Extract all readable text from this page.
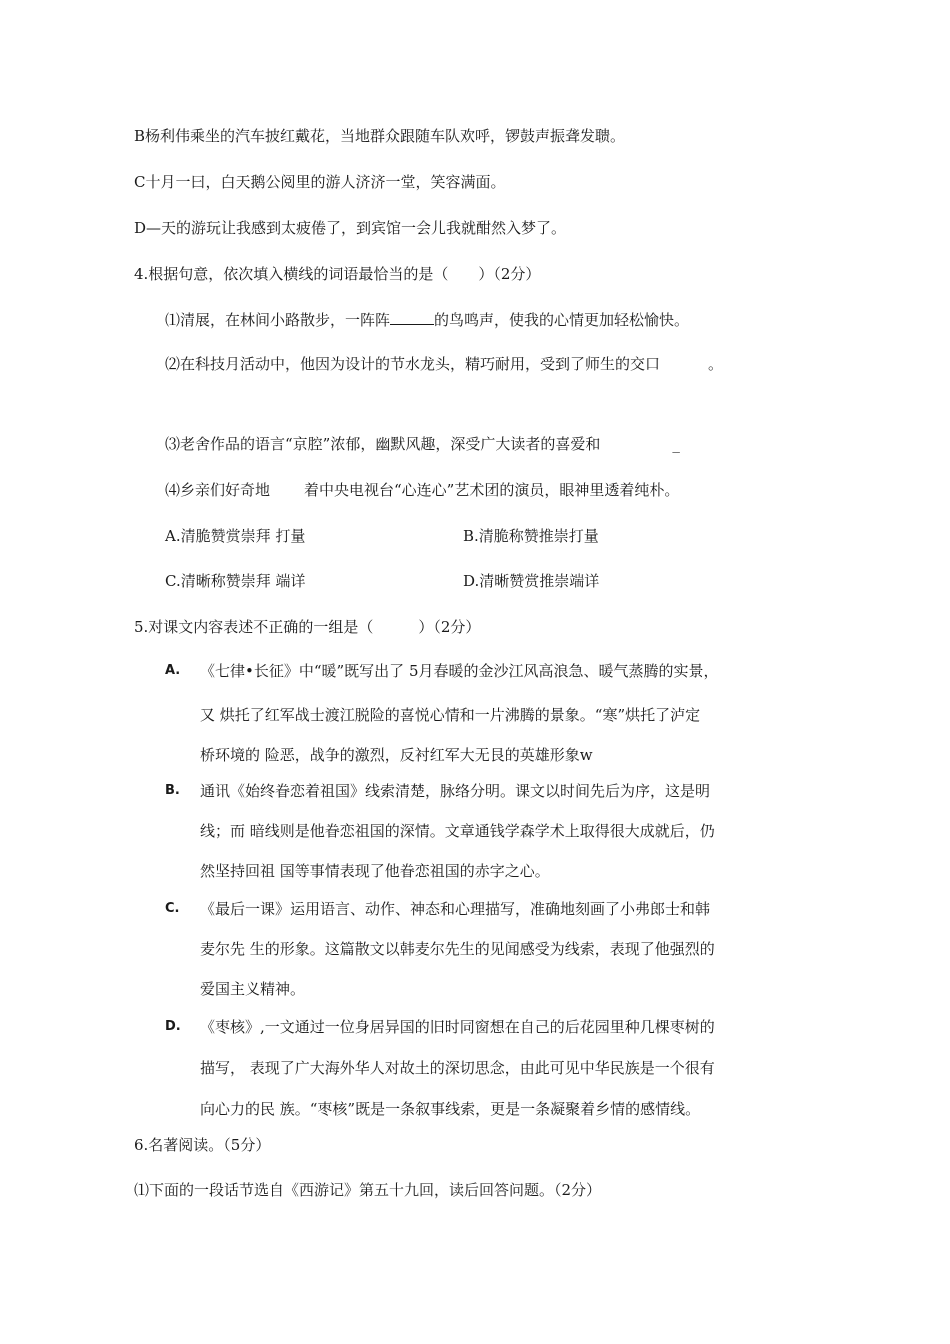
B杨利伟乘坐的汽车披红戴花，当地群众跟随车队欢呼，锣鼓声振聋发聩。
C十月一曰，白天鹅公阅里的游人济济一堂，笑容满面。
D—天的游玩让我感到太疲倦了，到宾馆一会儿我就酣然入梦了。
4.根据句意，依次填入横线的词语最恰当的是（　　）（2分）
⑴清展，在林间小路散步，一阵阵	的鸟鸣声，使我的心情更加轻松愉快。
⑵在科技月活动中，他因为设计的节水龙头，精巧耐用，受到了师生的交口	。
⑶老舍作品的语言“京腔”浓郁，幽默风趣，深受广大读者的喜爱和	_
⑷乡亲们好奇地 着中央电视台“心连心”艺术团的演员，眼神里透着纯朴。
A.清脆赞赏崇拜 打量	B.清脆称赞推崇打量
C.清晰称赞崇拜 端详	D.清晰赞赏推崇端详
5.对课文内容表述不正确的一组是（　　　）（2分）
A. 《七律•长征》中“暖”既写出了 5月春暖的金沙江风高浪急、暖气蒸腾的实景，
又 烘托了红军战士渡江脱险的喜悦心情和一片沸腾的景象。“寒”烘托了泸定
桥环境的 险恶，战争的激烈，反衬红军大无艮的英雄形象w
B. 通讯《始终眷恋着祖国》线索清楚，脉络分明。课文以时间先后为序，这是明
线；而 暗线则是他眷恋祖国的深情。文章通钱学森学术上取得很大成就后，仍
然坚持回祖 国等事情表现了他眷恋祖国的赤字之心。
C. 《最后一课》运用语言、动作、神态和心理描写，准确地刻画了小弗郎士和韩
麦尔先 生的形象。这篇散文以韩麦尔先生的见闻感受为线索，表现了他强烈的
爱国主义精神。
D. 《枣核》,一文通过一位身居异国的旧时同窗想在自己的后花园里种几棵枣树的
描写， 表现了广大海外华人对故土的深切思念，由此可见中华民族是一个很有
向心力的民 族。“枣核”既是一条叙事线索，更是一条凝聚着乡情的感情线。
6.名著阅读。（5分）
⑴下面的一段话节选自《西游记》第五十九回，读后回答问题。（2分）
